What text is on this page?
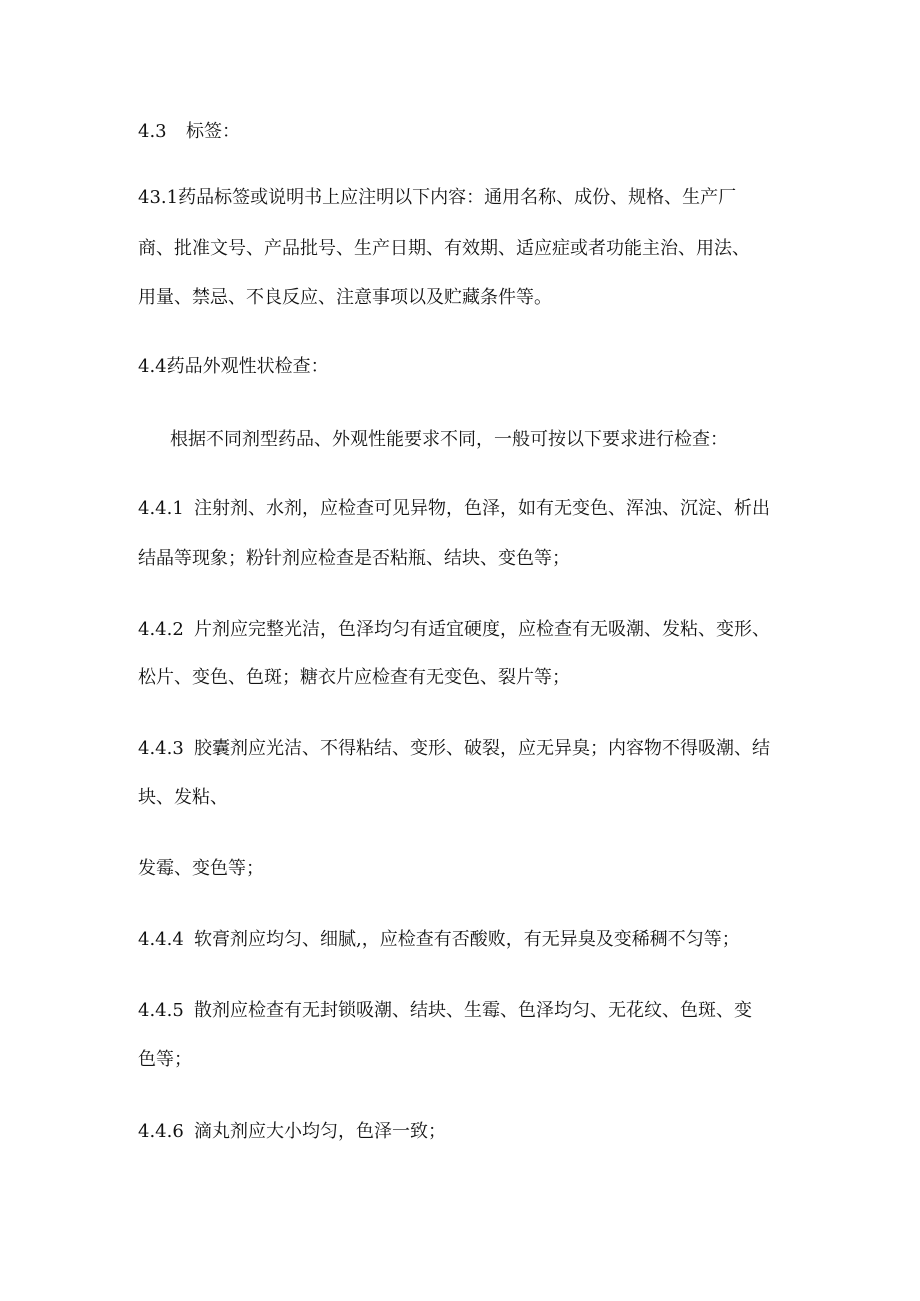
4.3 标签：
43.1药品标签或说明书上应注明以下内容：通用名称、成份、规格、生产厂
商、批准文号、产品批号、生产日期、有效期、适应症或者功能主治、用法、
用量、禁忌、不良反应、注意事项以及贮藏条件等。
4.4药品外观性状检查：
根据不同剂型药品、外观性能要求不同，一般可按以下要求进行检查：
4.4.1 注射剂、水剂，应检查可见异物，色泽，如有无变色、浑浊、沉淀、析出
结晶等现象；粉针剂应检查是否粘瓶、结块、变色等；
4.4.2 片剂应完整光洁，色泽均匀有适宜硬度，应检查有无吸潮、发粘、变形、
松片、变色、色斑；糖衣片应检查有无变色、裂片等；
4.4.3 胶囊剂应光洁、不得粘结、变形、破裂，应无异臭；内容物不得吸潮、结
块、发粘、
发霉、变色等；
4.4.4 软膏剂应均匀、细腻,，应检查有否酸败，有无异臭及变稀稠不匀等；
4.4.5 散剂应检查有无封锁吸潮、结块、生霉、色泽均匀、无花纹、色斑、变
色等；
4.4.6 滴丸剂应大小均匀，色泽一致；
